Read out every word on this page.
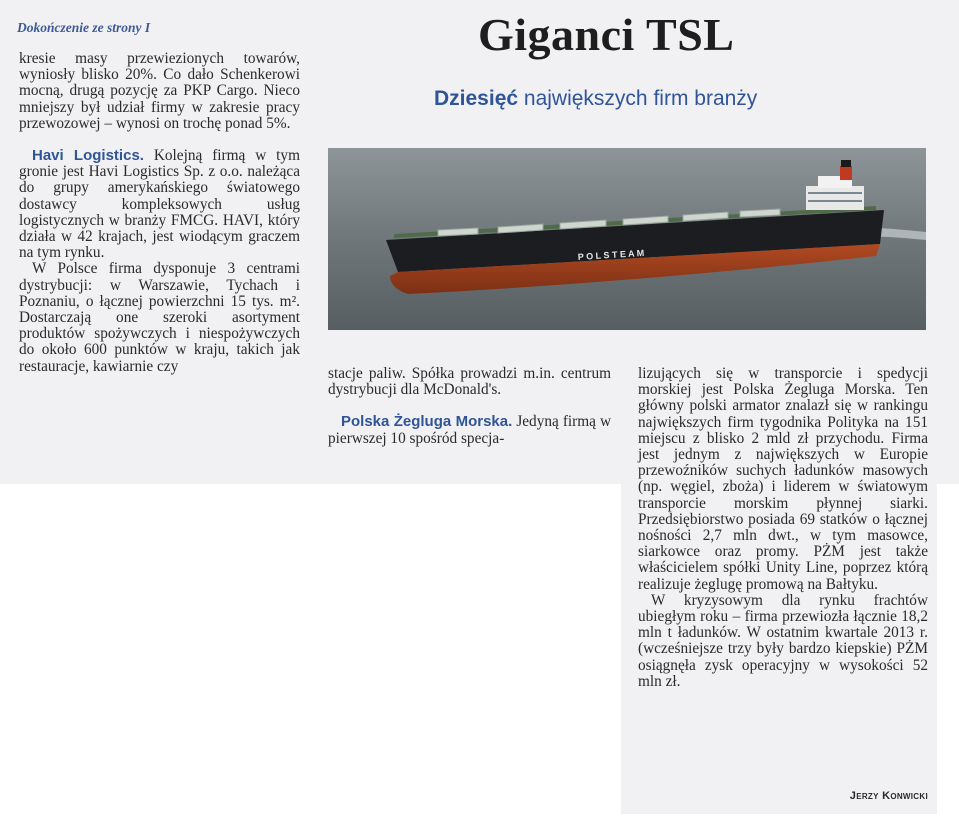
Dokończenie ze strony I	Giganci TSL
Dziesięć największych firm branży
P O L S T E A M

kresie masy przewiezionych towarów, wyniosły blisko 20%. Co dało Schenkerowi mocną, drugą pozycję za PKP Cargo. Nieco mniejszy był udział firmy w zakresie pracy przewozowej – wynosi on trochę ponad 5%.

Havi Logistics. Kolejną firmą w tym gronie jest Havi Logistics Sp. z o.o. należąca do grupy amerykańskiego światowego dostawcy kompleksowych usług logistycznych w branży FMCG. HAVI, który działa w 42 krajach, jest wiodącym graczem na tym rynku.

W Polsce firma dysponuje 3 centrami dystrybucji: w Warszawie, Tychach i Poznaniu, o łącznej powierzchni 15 tys. m². Dostarczają one szeroki asortyment produktów spożywczych i niespożywczych do około 600 punktów w kraju, takich jak restauracje, kawiarnie czy	stacje paliw. Spółka prowadzi m.in. centrum dystrybucji dla McDonald's.

Polska Żegluga Morska. Jedyną firmą w pierwszej 10 spośród specja-

lizujących się w transporcie i spedycji morskiej jest Polska Żegluga Morska. Ten główny polski armator znalazł się w rankingu największych firm tygodnika Polityka na 151 miejscu z blisko 2 mld zł przychodu. Firma jest jednym z największych w Europie przewoźników suchych ładunków masowych (np. węgiel, zboża) i liderem w światowym transporcie morskim płynnej siarki. Przedsiębiorstwo posiada 69 statków o łącznej nośności 2,7 mln dwt., w tym masowce, siarkowce oraz promy. PŻM jest także właścicielem spółki Unity Line, poprzez którą realizuje żeglugę promową na Bałtyku.

W kryzysowym dla rynku frachtów ubiegłym roku – firma przewiozła łącznie 18,2 mln t ładunków. W ostatnim kwartale 2013 r. (wcześniejsze trzy były bardzo kiepskie) PŻM osiągnęła zysk operacyjny w wysokości 52 mln zł.

Jerzy Konwicki
